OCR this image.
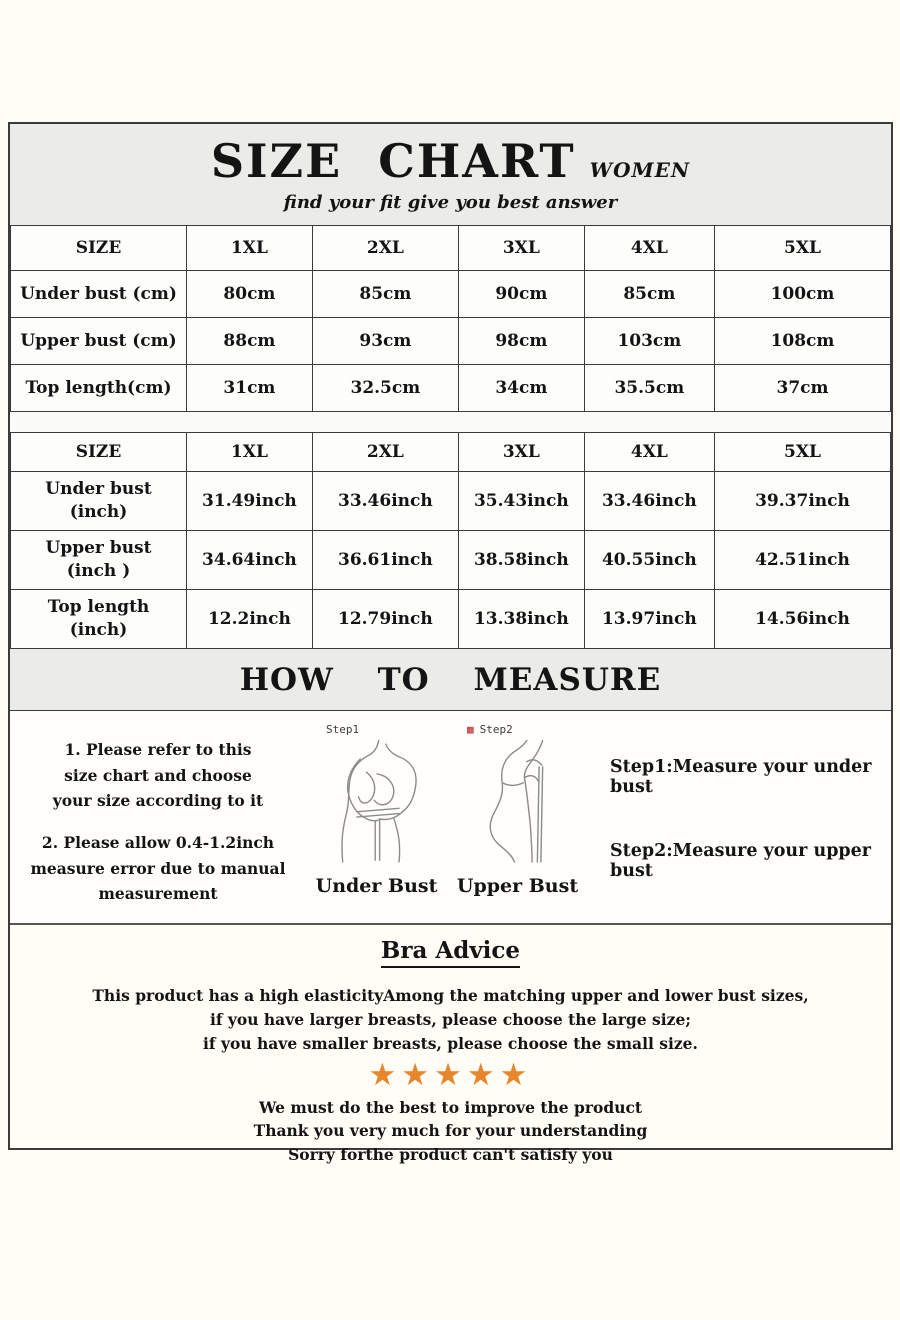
SIZE CHART WOMEN
find your fit give you best answer
SIZE	1XL	2XL	3XL	4XL	5XL
Under bust (cm)	80cm	85cm	90cm	85cm	100cm
Upper bust (cm)	88cm	93cm	98cm	103cm	108cm
Top length(cm)	31cm	32.5cm	34cm	35.5cm	37cm
SIZE	1XL	2XL	3XL	4XL	5XL

Under bust
(inch)	31.49inch	33.46inch	35.43inch	33.46inch	39.37inch

Upper bust
(inch )	34.64inch	36.61inch	38.58inch	40.55inch	42.51inch

Top length
(inch)	12.2inch	12.79inch	13.38inch	13.97inch	14.56inch
HOW TO MEASURE
1. Please refer to this
size chart and choose
your size according to it
2. Please allow 0.4-1.2inch
measure error due to manual measurement
Step1
Under Bust
▩ Step2
Upper Bust
Step1:Measure your under bust
Step2:Measure your upper bust
Bra Advice
This product has a high elasticityAmong the matching upper and lower bust sizes,
if you have larger breasts, please choose the large size;
if you have smaller breasts, please choose the small size.
★★★★★
We must do the best to improve the product
Thank you very much for your understanding
Sorry forthe product can't satisfy you
